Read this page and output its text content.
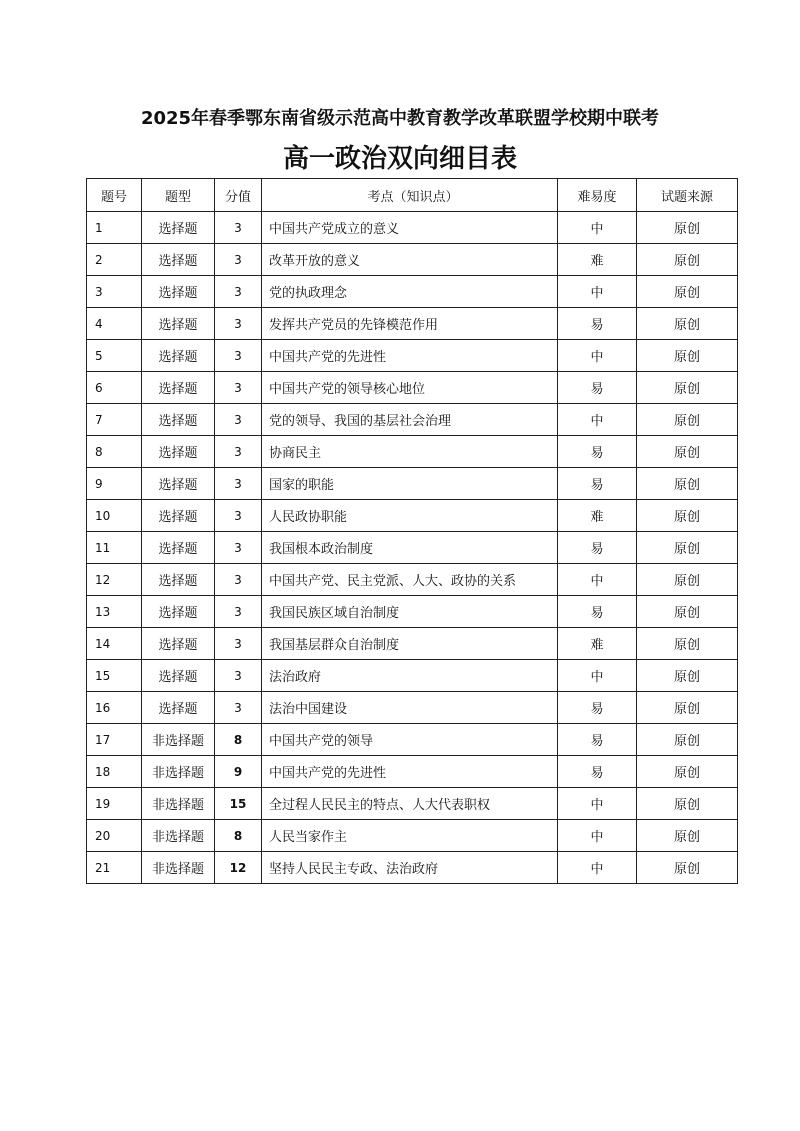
2025年春季鄂东南省级示范高中教育教学改革联盟学校期中联考
高一政治双向细目表
题号	题型	分值	考点（知识点）	难易度	试题来源
1	选择题	3	中国共产党成立的意义	中	原创
2	选择题	3	改革开放的意义	难	原创
3	选择题	3	党的执政理念	中	原创
4	选择题	3	发挥共产党员的先锋模范作用	易	原创
5	选择题	3	中国共产党的先进性	中	原创
6	选择题	3	中国共产党的领导核心地位	易	原创
7	选择题	3	党的领导、我国的基层社会治理	中	原创
8	选择题	3	协商民主	易	原创
9	选择题	3	国家的职能	易	原创
10	选择题	3	人民政协职能	难	原创
11	选择题	3	我国根本政治制度	易	原创
12	选择题	3	中国共产党、民主党派、人大、政协的关系	中	原创
13	选择题	3	我国民族区域自治制度	易	原创
14	选择题	3	我国基层群众自治制度	难	原创
15	选择题	3	法治政府	中	原创
16	选择题	3	法治中国建设	易	原创
17	非选择题	8	中国共产党的领导	易	原创
18	非选择题	9	中国共产党的先进性	易	原创
19	非选择题	15	全过程人民民主的特点、人大代表职权	中	原创
20	非选择题	8	人民当家作主	中	原创
21	非选择题	12	坚持人民民主专政、法治政府	中	原创
